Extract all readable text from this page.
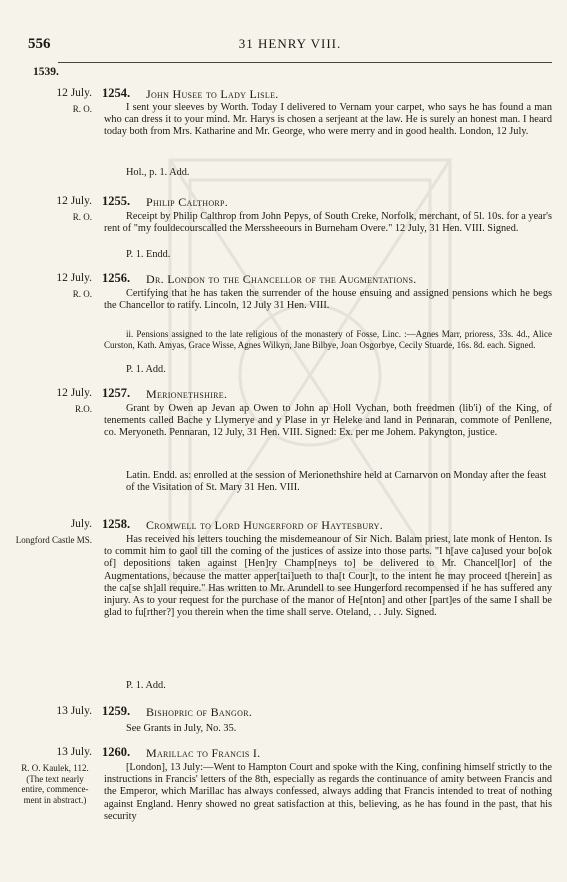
556	31 HENRY VIII.
1539.
12 July.
R. O.
1254. John Husee to Lady Lisle.
I sent your sleeves by Worth. Today I delivered to Vernam your carpet, who says he has found a man who can dress it to your mind. Mr. Harys is chosen a serjeant at the law. He is surely an honest man. I heard today both from Mrs. Katharine and Mr. George, who were merry and in good health. London, 12 July.
Hol., p. 1. Add.
12 July.
R. O.
1255. Philip Calthorp.
Receipt by Philip Calthrop from John Pepys, of South Creke, Norfolk, merchant, of 5l. 10s. for a year's rent of "my fouldecourscalled the Merssheeours in Burneham Overe." 12 July, 31 Hen. VIII. Signed.
P. 1. Endd.
12 July.
R. O.
1256. Dr. London to the Chancellor of the Augmentations.
Certifying that he has taken the surrender of the house ensuing and assigned pensions which he begs the Chancellor to ratify. Lincoln, 12 July 31 Hen. VIII.
ii. Pensions assigned to the late religious of the monastery of Fosse, Linc. :—Agnes Marr, prioress, 33s. 4d., Alice Curston, Kath. Amyas, Grace Wisse, Agnes Wilkyn, Jane Bilbye, Joan Osgorbye, Cecily Stuarde, 16s. 8d. each. Signed.
P. 1. Add.
12 July.
R.O.
1257. Merionethshire.
Grant by Owen ap Jevan ap Owen to John ap Holl Vychan, both freedmen (lib'i) of the King, of tenements called Bache y Llymerye and y Plase in yr Heleke and land in Pennaran, commote of Penllene, co. Meryoneth. Pennaran, 12 July, 31 Hen. VIII. Signed: Ex. per me Johem. Pakyngton, justice.
Latin. Endd. as: enrolled at the session of Merionethshire held at Carnarvon on Monday after the feast of the Visitation of St. Mary 31 Hen. VIII.
July.
Longford Castle MS.
1258. Cromwell to Lord Hungerford of Haytesbury.
Has received his letters touching the misdemeanour of Sir Nich. Balam priest, late monk of Henton. Is to commit him to gaol till the coming of the justices of assize into those parts. "I h[ave ca]used your bo[ok of] depositions taken against [Hen]ry Champ[neys to] be delivered to Mr. Chancel[lor] of the Augmentations, because the matter apper[tai]ueth to tha[t Cour]t, to the intent he may proceed t[herein] as the ca[se sh]all require." Has written to Mr. Arundell to see Hungerford recompensed if he has suffered any injury. As to your request for the purchase of the manor of He[nton] and other [part]es of the same I shall be glad to fu[rther?] you therein when the time shall serve. Oteland, . . July. Signed.
P. 1. Add.
13 July. 1259. Bishopric of Bangor.
See Grants in July, No. 35.
13 July.
R. O. Kaulek, 112. (The text nearly entire, commence-ment in abstract.)
1260. Marillac to Francis I.
[London], 13 July:—Went to Hampton Court and spoke with the King, confining himself strictly to the instructions in Francis' letters of the 8th, especially as regards the continuance of amity between Francis and the Emperor, which Marillac has always confessed, always adding that Francis intended to treat of nothing against England. Henry showed no great satisfaction at this, believing, as he has found in the past, that his security
